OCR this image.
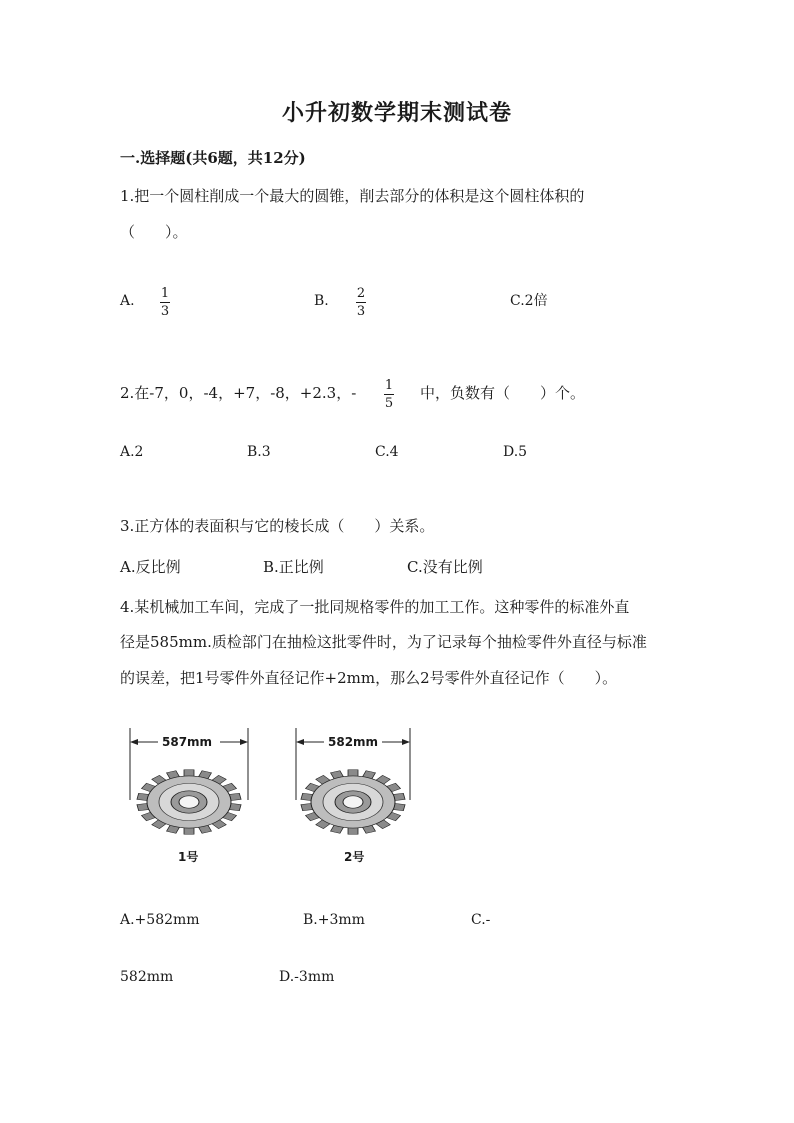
小升初数学期末测试卷
一.选择题(共6题，共12分)
1.把一个圆柱削成一个最大的圆锥，削去部分的体积是这个圆柱体积的
（　　）。
A. 1
3
B. 2
3
C.2倍
2.在-7，0，-4，+7，-8，+2.3，- 1
5
中，负数有（　　）个。
A.2	B.3	C.4	D.5
3.正方体的表面积与它的棱长成（　　）关系。
A.反比例	B.正比例	C.没有比例
4.某机械加工车间，完成了一批同规格零件的加工工作。这种零件的标准外直
径是585mm.质检部门在抽检这批零件时，为了记录每个抽检零件外直径与标准
的误差，把1号零件外直径记作+2mm，那么2号零件外直径记作（　　）。
587mm	582mm
1号	2号
A.+582mm	B.+3mm	C.-
582mm	D.-3mm
